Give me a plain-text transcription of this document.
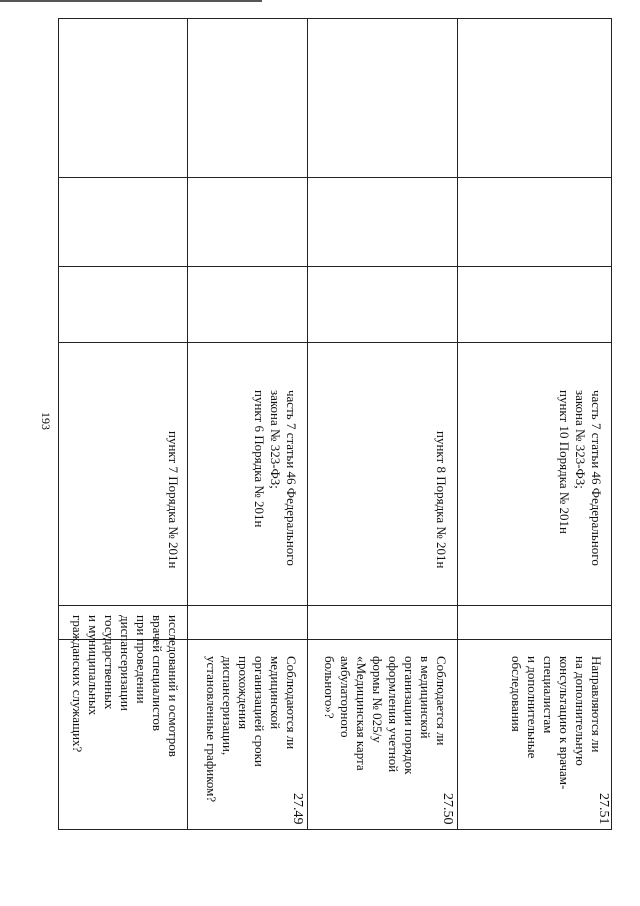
193
исследований и осмотров
врачей специалистов
при проведении
диспансеризации
государственных
и муниципальных
гражданских служащих?
пункт 7 Порядка № 201н
27.49
Соблюдаются ли
медицинской
организацией сроки
прохождения
диспансеризации,
установленные графиком?
часть 7 статьи 46 Федерального
закона № 323-ФЗ;
пункт 6 Порядка № 201н
27.50
Соблюдается ли
в медицинской
организации порядок
оформления учетной
формы № 025/у
«Медицинская карта
амбулаторного
больного»?
пункт 8 Порядка № 201н
27.51
Направляются ли
на дополнительную
консультацию к врачам-
специалистам
и дополнительные
обследования
часть 7 статьи 46 Федерального
закона № 323-ФЗ;
пункт 10 Порядка № 201н
